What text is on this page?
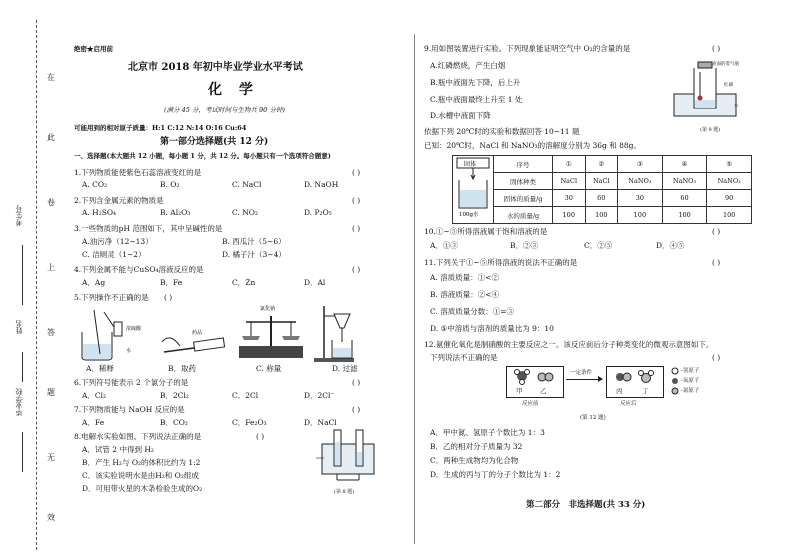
在
此
卷
上
答
题
无
效
考生号
姓名
毕业学校
绝密★启用前
北京市 2018 年初中毕业学业水平考试
化 学
(满分 45 分，考试时间与生物共 90 分钟)
可能用到的相对原子质量：H:1 C:12 N:14 O:16 Cu:64
第一部分选择题(共 12 分)
一、选择题(本大题共 12 小题，每小题 1 分，共 12 分。每小题只有一个选项符合题意)
1.下列物质能使紫色石蕊溶液变红的是	( )
A. CO₂	B. O₂	C. NaCl	D. NaOH
2.下列含金属元素的物质是	( )
A. H₂SO₄	B. Al₂O₃	C. NO₂	D. P₂O₅
3.一些物质的pH 范围如下，其中呈碱性的是	( )
A.油污净（12~13）	B. 西瓜汁（5~6）
C. 洁厕灵（1~2）	D. 橘子汁（3~4）
4.下列金属不能与CuSO₄溶液反应的是	( )
A．Ag	B．Fe	C．Zn	D．Al
5.下列操作不正确的是 ( )
浓硫酸
水
药品
氯化钠
A．稀释	B．取药	C. 称量	D. 过滤
6.下列符号能表示 2 个氯分子的是	( )
A．Cl₂	B．2Cl₂	C．2Cl	D．2Cl⁻
7.下列物质能与 NaOH 反应的是	( )
A．Fe	B．CO₂	C．Fe₂O₃	D．NaCl
8.电解水实验如图。下列说法正确的是	( )
A．试管 2 中得到 H₂
B．产生 H₂与 O₂的体积比约为 1:2
C．该实验说明水是由H₂和 O₂组成
D．可用带火星的木条检验生成的O₂	(第 8 题)
9.用如图装置进行实验。下列现象能证明空气中 O₂的含量的是	( )
A.红磷燃烧，产生白烟
B.瓶中液面先下降，后上升
C.瓶中液面最终上升至 1 处
D.水槽中液面下降
表面的着气瓶
红磷
水
(第 9 题)
依据下列 20℃时的实验和数据回答 10~11 题
已知：20℃时，NaCl 和 NaNO₃的溶解度分别为 36g 和 88g。
固体
100g水	序号	①	②	③	④	⑤
	固体种类	NaCl	NaCl	NaNO₃	NaNO₃	NaNO₃
	固体的质量/g	30	60	30	60	90
	水的质量/g	100	100	100	100	100
10.①~⑤所得溶液属于饱和溶液的是	( )
A．①③	B．②③	C．②⑤	D．④⑤
11.下列关于①~⑤所得溶液的说法不正确的是	( )
A. 溶质质量：①<②
B. 溶液质量：②<④
C. 溶质质量分数：①=③
D. ⑤中溶质与溶剂的质量比为 9：10
12.氨催化氧化是制硝酸的主要反应之一。该反应前后分子种类变化的微观示意图如下。
下列说法不正确的是	( )
甲	乙
一定条件
丙	丁
-氢原子
-氧原子
-氮原子
反应前	反应后
(第 12 题)
A．甲中氮、氢原子个数比为 1：3
B．乙的相对分子质量为 32
C．两种生成物均为化合物
D．生成的丙与丁的分子个数比为 1：2
第二部分　非选择题(共 33 分)
